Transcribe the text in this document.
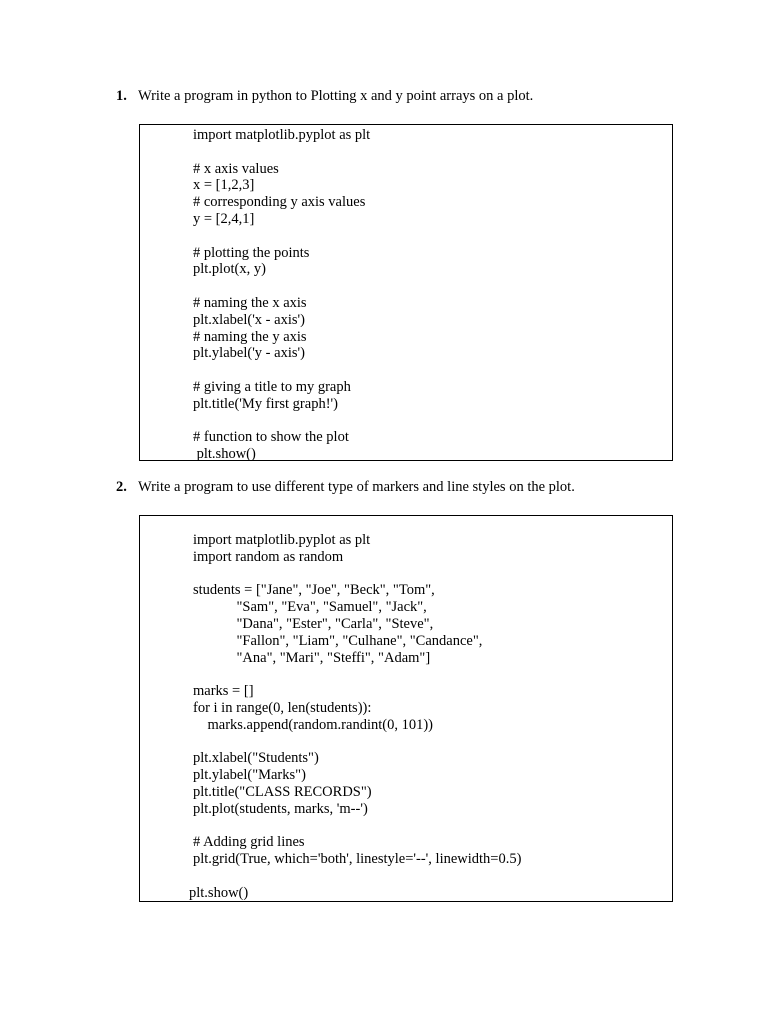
1. Write a program in python to Plotting x and y point arrays on a plot.
import matplotlib.pyplot as plt
# x axis values
x = [1,2,3]
# corresponding y axis values
y = [2,4,1]
# plotting the points
plt.plot(x, y)
# naming the x axis
plt.xlabel('x - axis')
# naming the y axis
plt.ylabel('y - axis')
# giving a title to my graph
plt.title('My first graph!')
# function to show the plot
plt.show()
2. Write a program to use different type of markers and line styles on the plot.
import matplotlib.pyplot as plt
import random as random
students = ["Jane", "Joe", "Beck", "Tom",
"Sam", "Eva", "Samuel", "Jack",
"Dana", "Ester", "Carla", "Steve",
"Fallon", "Liam", "Culhane", "Candance",
"Ana", "Mari", "Steffi", "Adam"]
marks = []
for i in range(0, len(students)):
marks.append(random.randint(0, 101))
plt.xlabel("Students")
plt.ylabel("Marks")
plt.title("CLASS RECORDS")
plt.plot(students, marks, 'm--')
# Adding grid lines
plt.grid(True, which='both', linestyle='--', linewidth=0.5)
plt.show()
